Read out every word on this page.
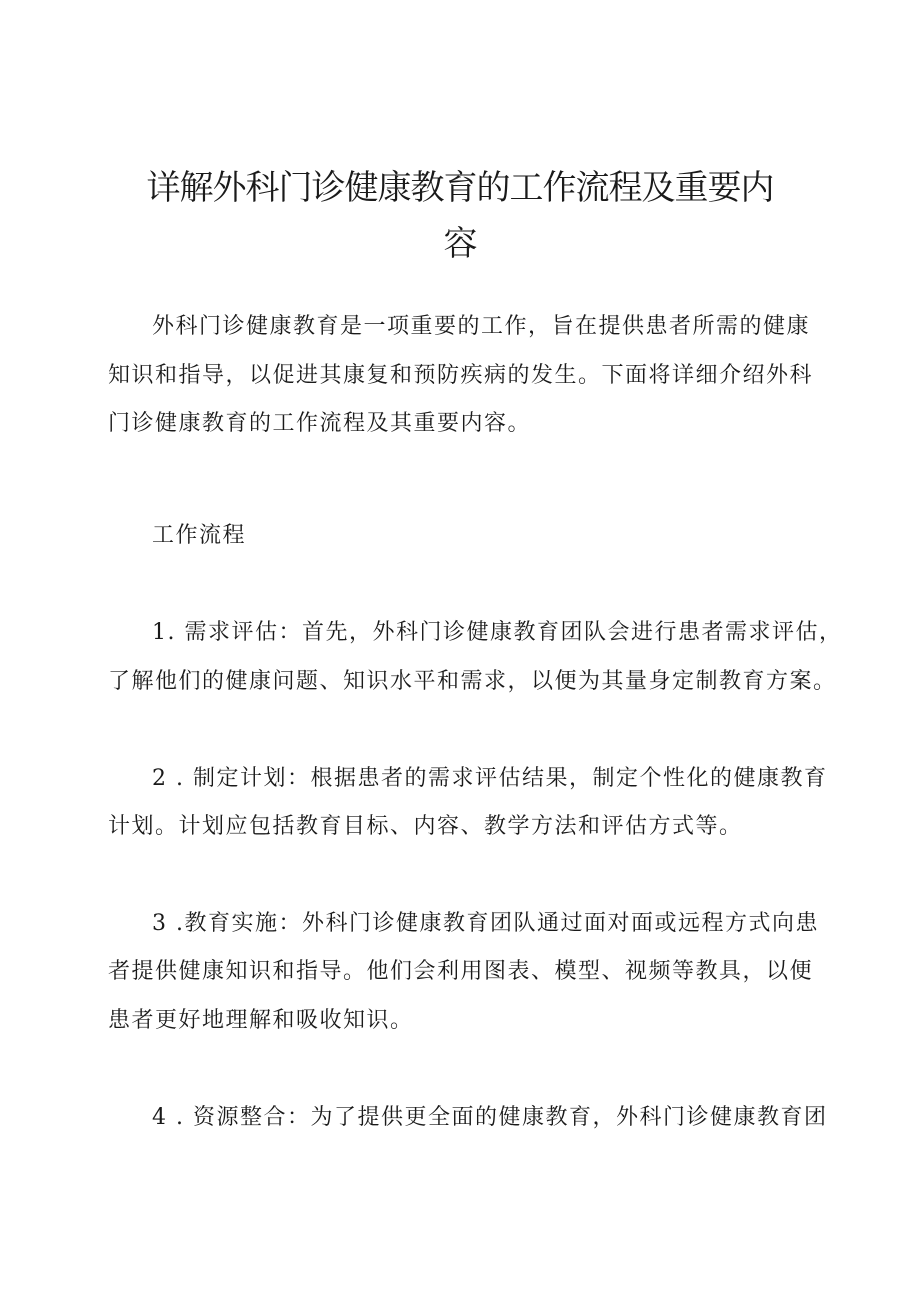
详解外科门诊健康教育的工作流程及重要内
容
外科门诊健康教育是一项重要的工作，旨在提供患者所需的健康
知识和指导，以促进其康复和预防疾病的发生。下面将详细介绍外科
门诊健康教育的工作流程及其重要内容。
工作流程
1. 需求评估：首先，外科门诊健康教育团队会进行患者需求评估，
了解他们的健康问题、知识水平和需求，以便为其量身定制教育方案。
2 . 制定计划：根据患者的需求评估结果，制定个性化的健康教育
计划。计划应包括教育目标、内容、教学方法和评估方式等。
3 .教育实施：外科门诊健康教育团队通过面对面或远程方式向患
者提供健康知识和指导。他们会利用图表、模型、视频等教具，以便
患者更好地理解和吸收知识。
4 . 资源整合：为了提供更全面的健康教育，外科门诊健康教育团
